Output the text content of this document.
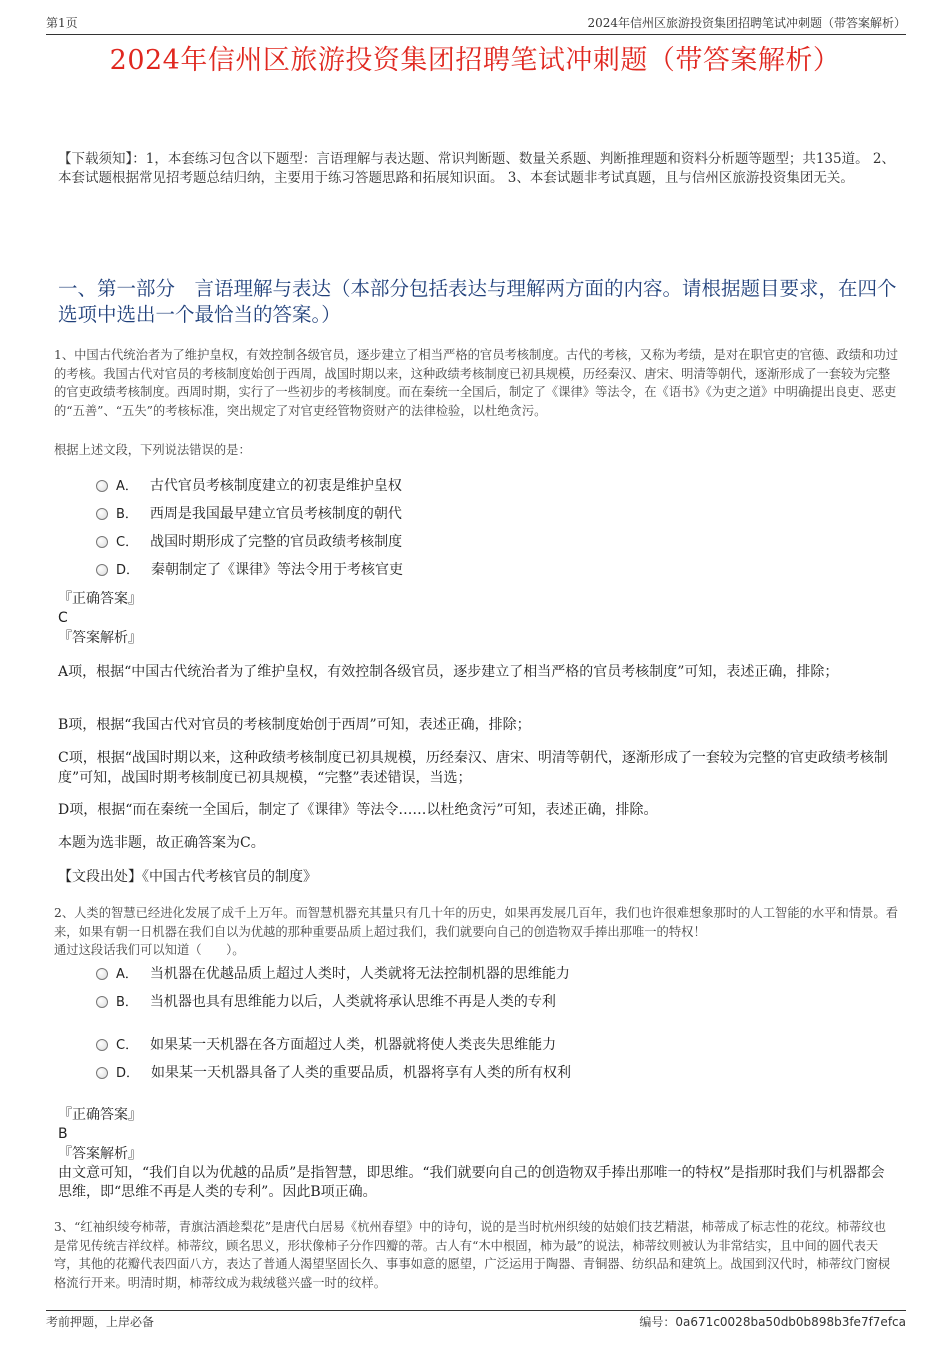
第1页	2024年信州区旅游投资集团招聘笔试冲刺题（带答案解析）
2024年信州区旅游投资集团招聘笔试冲刺题（带答案解析）
【下载须知】：1，本套练习包含以下题型：言语理解与表达题、常识判断题、数量关系题、判断推理题和资料分析题等题型；共135道。 2、本套试题根据常见招考题总结归纳，主要用于练习答题思路和拓展知识面。 3、本套试题非考试真题，且与信州区旅游投资集团无关。
一、第一部分　言语理解与表达（本部分包括表达与理解两方面的内容。请根据题目要求，在四个选项中选出一个最恰当的答案。）
1、中国古代统治者为了维护皇权，有效控制各级官员，逐步建立了相当严格的官员考核制度。古代的考核，又称为考绩，是对在职官吏的官德、政绩和功过的考核。我国古代对官员的考核制度始创于西周，战国时期以来，这种政绩考核制度已初具规模，历经秦汉、唐宋、明清等朝代，逐渐形成了一套较为完整的官吏政绩考核制度。西周时期，实行了一些初步的考核制度。而在秦统一全国后，制定了《课律》等法令，在《语书》《为吏之道》中明确提出良吏、恶吏的“五善”、“五失”的考核标准，突出规定了对官吏经管物资财产的法律检验，以杜绝贪污。
根据上述文段，下列说法错误的是：
A． 古代官员考核制度建立的初衷是维护皇权
B． 西周是我国最早建立官员考核制度的朝代
C． 战国时期形成了完整的官员政绩考核制度
D． 秦朝制定了《课律》等法令用于考核官吏
『正确答案』
C
『答案解析』
A项，根据“中国古代统治者为了维护皇权，有效控制各级官员，逐步建立了相当严格的官员考核制度”可知，表述正确，排除；
B项，根据“我国古代对官员的考核制度始创于西周”可知，表述正确，排除；
C项，根据“战国时期以来，这种政绩考核制度已初具规模，历经秦汉、唐宋、明清等朝代，逐渐形成了一套较为完整的官吏政绩考核制度”可知，战国时期考核制度已初具规模，“完整”表述错误，当选；
D项，根据“而在秦统一全国后，制定了《课律》等法令……以杜绝贪污”可知，表述正确，排除。
本题为选非题，故正确答案为C。
【文段出处】《中国古代考核官员的制度》
2、人类的智慧已经进化发展了成千上万年。而智慧机器充其量只有几十年的历史，如果再发展几百年，我们也许很难想象那时的人工智能的水平和情景。看来，如果有朝一日机器在我们自以为优越的那种重要品质上超过我们，我们就要向自己的创造物双手捧出那唯一的特权！
通过这段话我们可以知道（　　）。
A． 当机器在优越品质上超过人类时，人类就将无法控制机器的思维能力
B． 当机器也具有思维能力以后，人类就将承认思维不再是人类的专利
C． 如果某一天机器在各方面超过人类，机器就将使人类丧失思维能力
D． 如果某一天机器具备了人类的重要品质，机器将享有人类的所有权利
『正确答案』
B
『答案解析』
由文意可知，“我们自以为优越的品质”是指智慧，即思维。“我们就要向自己的创造物双手捧出那唯一的特权”是指那时我们与机器都会思维，即“思维不再是人类的专利”。因此B项正确。
3、“红袖织绫夸柿蒂，青旗沽酒趁梨花”是唐代白居易《杭州春望》中的诗句，说的是当时杭州织绫的姑娘们技艺精湛，柿蒂成了标志性的花纹。柿蒂纹也是常见传统吉祥纹样。柿蒂纹，顾名思义，形状像柿子分作四瓣的蒂。古人有“木中根固，柿为最”的说法，柿蒂纹则被认为非常结实，且中间的圆代表天穹，其他的花瓣代表四面八方，表达了普通人渴望坚固长久、事事如意的愿望，广泛运用于陶器、青铜器、纺织品和建筑上。战国到汉代时，柿蒂纹门窗棂格流行开来。明清时期，柿蒂纹成为栽绒毯兴盛一时的纹样。
考前押题，上岸必备	编号：0a671c0028ba50db0b898b3fe7f7efca
